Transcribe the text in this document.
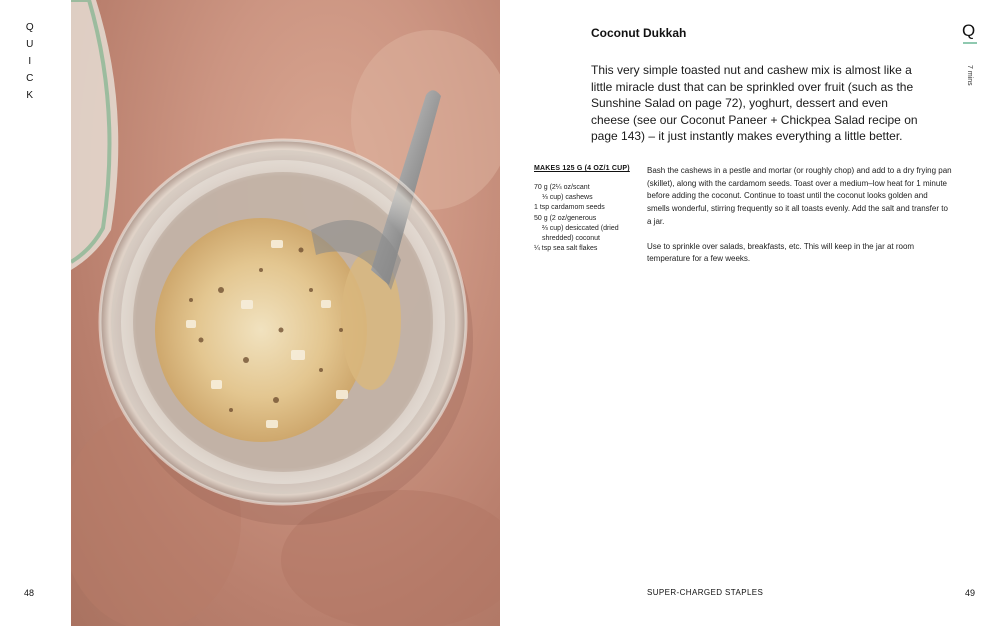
Q
U
I
C
K
48
Coconut Dukkah	Q
7 mins
This very simple toasted nut and cashew mix is almost like a little miracle dust that can be sprinkled over fruit (such as the Sunshine Salad on page 72), yoghurt, dessert and even cheese (see our Coconut Paneer + Chickpea Salad recipe on page 143) – it just instantly makes everything a little better.
MAKES 125 G (4 OZ/1 CUP)
70 g (2¼ oz/scant
⅓ cup) cashews
1 tsp cardamom seeds
50 g (2 oz/generous
⅔ cup) desiccated (dried
shredded) coconut
¼ tsp sea salt flakes

Bash the cashews in a pestle and mortar (or roughly chop) and add to a dry frying pan (skillet), along with the cardamom seeds. Toast over a medium–low heat for 1 minute before adding the coconut. Continue to toast until the coconut looks golden and smells wonderful, stirring frequently so it all toasts evenly. Add the salt and transfer to a jar.

Use to sprinkle over salads, breakfasts, etc. This will keep in the jar at room temperature for a few weeks.

SUPER-CHARGED STAPLES	49
